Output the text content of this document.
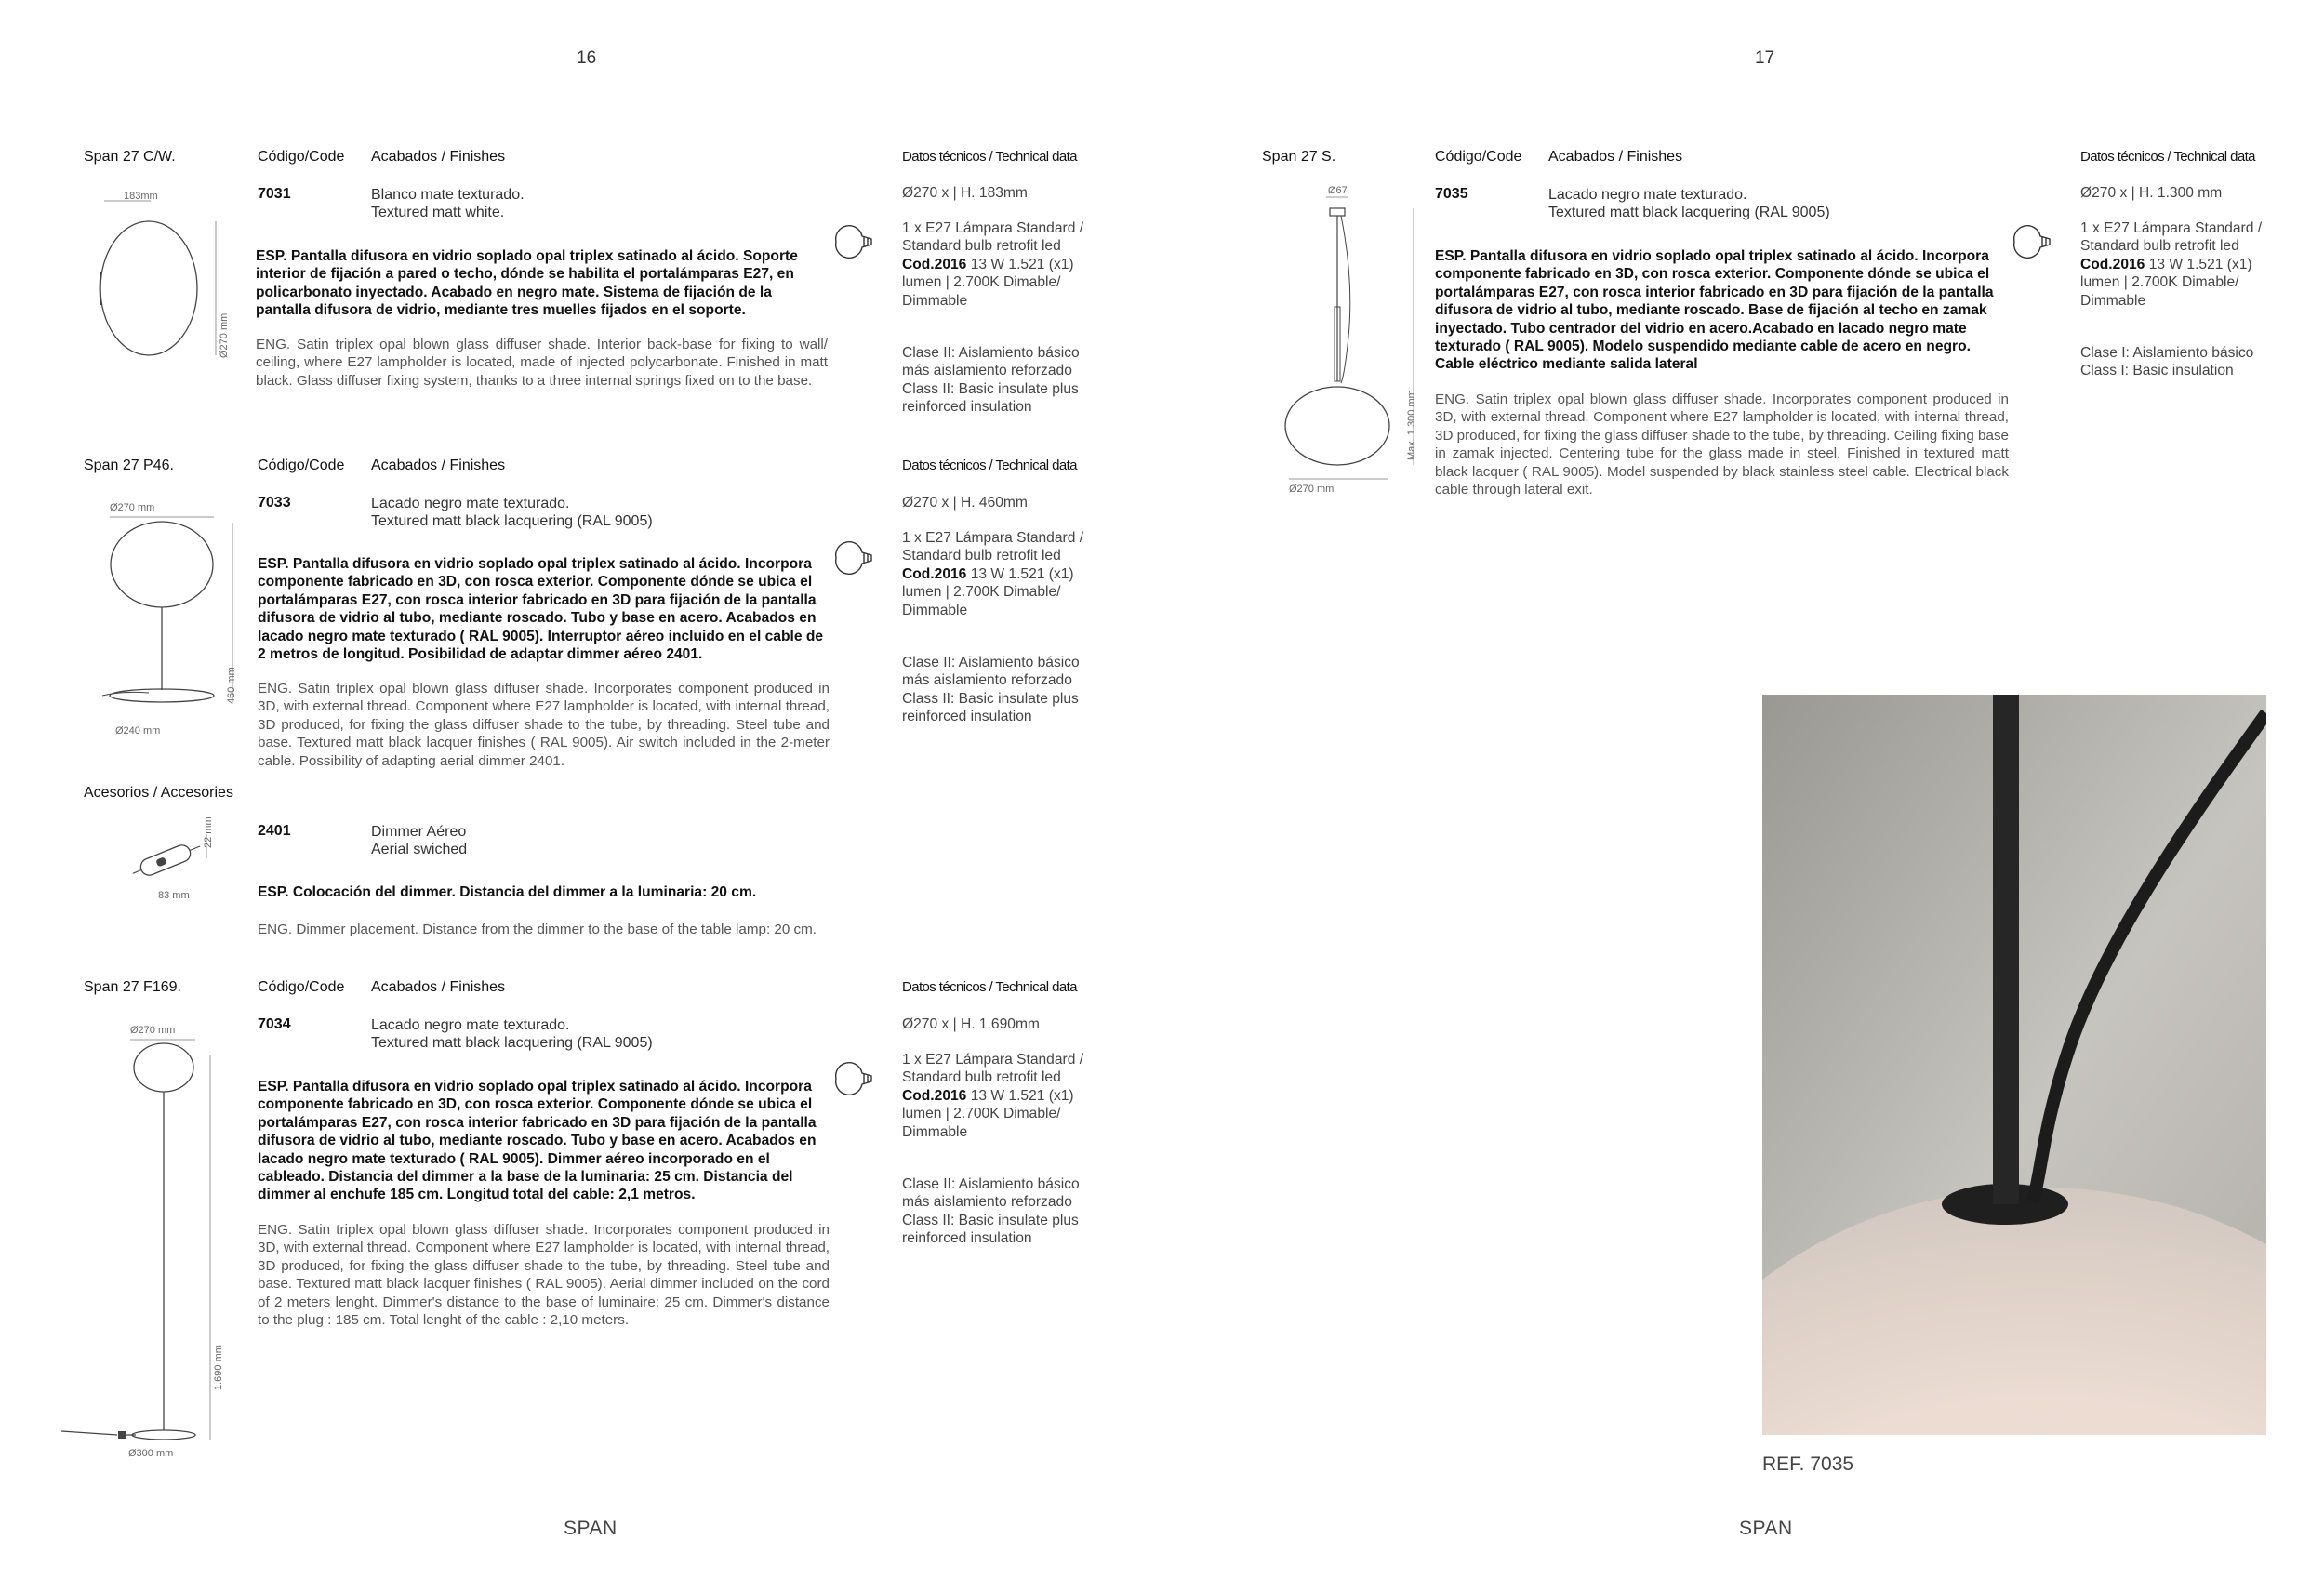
16	17
Span 27 C/W.	Código/Code Acabados / Finishes	Datos técnicos / Technical data
7031	Blanco mate texturado.
Textured matt white.
ESP. Pantalla difusora en vidrio soplado opal triplex satinado al ácido. Soporte interior de fijación a pared o techo, dónde se habilita el portalámparas E27, en policarbonato inyectado. Acabado en negro mate. Sistema de fijación de la pantalla difusora de vidrio, mediante tres muelles fijados en el soporte.
ENG. Satin triplex opal blown glass diffuser shade. Interior back-base for fixing to wall/ ceiling, where E27 lampholder is located, made of injected polycarbonate. Finished in matt black. Glass diffuser fixing system, thanks to a three internal springs fixed on to the base.
Ø270 x | H. 183mm
1 x E27 Lámpara Standard / Standard bulb retrofit led Cod.2016 13 W 1.521 (x1) lumen | 2.700K Dimable/ Dimmable
Clase II: Aislamiento básico más aislamiento reforzado Class II: Basic insulate plus reinforced insulation
183mm
Ø270 mm
Span 27 P46.	Código/Code Acabados / Finishes	Datos técnicos / Technical data
7033	Lacado negro mate texturado.
Textured matt black lacquering (RAL 9005)
ESP. Pantalla difusora en vidrio soplado opal triplex satinado al ácido. Incorpora componente fabricado en 3D, con rosca exterior. Componente dónde se ubica el portalámparas E27, con rosca interior fabricado en 3D para fijación de la pantalla difusora de vidrio al tubo, mediante roscado. Tubo y base en acero. Acabados en lacado negro mate texturado ( RAL 9005). Interruptor aéreo incluido en el cable de 2 metros de longitud. Posibilidad de adaptar dimmer aéreo 2401.
ENG. Satin triplex opal blown glass diffuser shade. Incorporates component produced in 3D, with external thread. Component where E27 lampholder is located, with internal thread, 3D produced, for fixing the glass diffuser shade to the tube, by threading. Steel tube and base. Textured matt black lacquer finishes ( RAL 9005). Air switch included in the 2-meter cable. Possibility of adapting aerial dimmer 2401.
Ø270 x | H. 460mm
1 x E27 Lámpara Standard / Standard bulb retrofit led Cod.2016 13 W 1.521 (x1) lumen | 2.700K Dimable/ Dimmable
Clase II: Aislamiento básico más aislamiento reforzado Class II: Basic insulate plus reinforced insulation
Ø270 mm
460 mm
Ø240 mm
Acesorios / Accesories
2401	Dimmer Aéreo
Aerial swiched
ESP. Colocación del dimmer. Distancia del dimmer a la luminaria: 20 cm.
ENG. Dimmer placement. Distance from the dimmer to the base of the table lamp: 20 cm.
22 mm
83 mm
Span 27 F169.	Código/Code Acabados / Finishes	Datos técnicos / Technical data
7034	Lacado negro mate texturado.
Textured matt black lacquering (RAL 9005)
ESP. Pantalla difusora en vidrio soplado opal triplex satinado al ácido. Incorpora componente fabricado en 3D, con rosca exterior. Componente dónde se ubica el portalámparas E27, con rosca interior fabricado en 3D para fijación de la pantalla difusora de vidrio al tubo, mediante roscado. Tubo y base en acero. Acabados en lacado negro mate texturado ( RAL 9005). Dimmer aéreo incorporado en el cableado. Distancia del dimmer a la base de la luminaria: 25 cm. Distancia del dimmer al enchufe 185 cm. Longitud total del cable: 2,1 metros.
ENG. Satin triplex opal blown glass diffuser shade. Incorporates component produced in 3D, with external thread. Component where E27 lampholder is located, with internal thread, 3D produced, for fixing the glass diffuser shade to the tube, by threading. Steel tube and base. Textured matt black lacquer finishes ( RAL 9005). Aerial dimmer included on the cord of 2 meters lenght. Dimmer's distance to the base of luminaire: 25 cm. Dimmer's distance to the plug : 185 cm. Total lenght of the cable : 2,10 meters.
Ø270 x | H. 1.690mm
1 x E27 Lámpara Standard / Standard bulb retrofit led Cod.2016 13 W 1.521 (x1) lumen | 2.700K Dimable/ Dimmable
Clase II: Aislamiento básico más aislamiento reforzado Class II: Basic insulate plus reinforced insulation
Ø270 mm
1.690 mm
Ø300 mm
Span 27 S.	Código/Code Acabados / Finishes	Datos técnicos / Technical data
7035	Lacado negro mate texturado.
Textured matt black lacquering (RAL 9005)
ESP. Pantalla difusora en vidrio soplado opal triplex satinado al ácido. Incorpora componente fabricado en 3D, con rosca exterior. Componente dónde se ubica el portalámparas E27, con rosca interior fabricado en 3D para fijación de la pantalla difusora de vidrio al tubo, mediante roscado. Base de fijación al techo en zamak inyectado. Tubo centrador del vidrio en acero.Acabado en lacado negro mate texturado ( RAL 9005). Modelo suspendido mediante cable de acero en negro. Cable eléctrico mediante salida lateral
ENG. Satin triplex opal blown glass diffuser shade. Incorporates component produced in 3D, with external thread. Component where E27 lampholder is located, with internal thread, 3D produced, for fixing the glass diffuser shade to the tube, by threading. Ceiling fixing base in zamak injected. Centering tube for the glass made in steel. Finished in textured matt black lacquer ( RAL 9005). Model suspended by black stainless steel cable. Electrical black cable through lateral exit.
Ø270 x | H. 1.300 mm
1 x E27 Lámpara Standard / Standard bulb retrofit led Cod.2016 13 W 1.521 (x1) lumen | 2.700K Dimable/ Dimmable
Clase I: Aislamiento básico Class I: Basic insulation
Ø67
Max. 1.300 mm
Ø270 mm
REF. 7035
SPAN	SPAN
